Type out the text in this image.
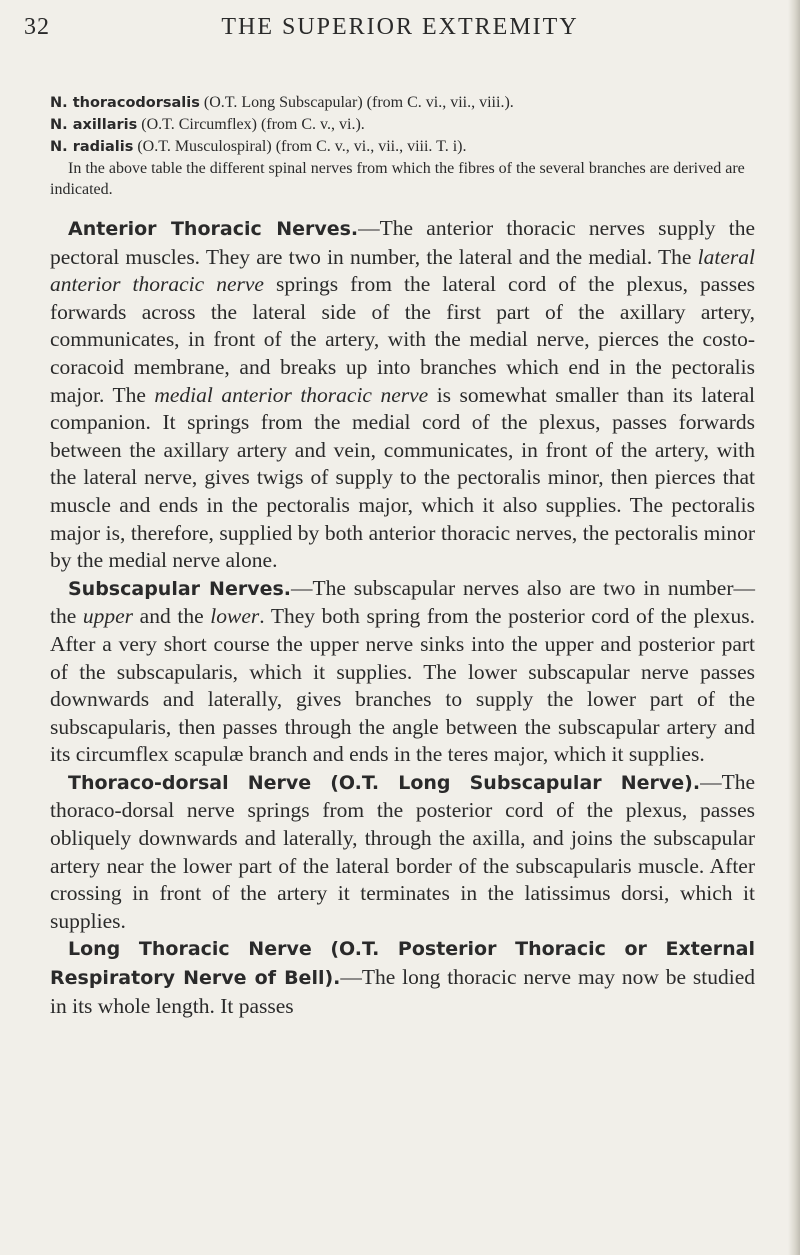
32	THE SUPERIOR EXTREMITY

N. thoracodorsalis (O.T. Long Subscapular) (from C. vi., vii., viii.).

N. axillaris (O.T. Circumflex) (from C. v., vi.).

N. radialis (O.T. Musculospiral) (from C. v., vi., vii., viii. T. i).

In the above table the different spinal nerves from which the fibres of the several branches are derived are indicated.

Anterior Thoracic Nerves.—The anterior thoracic nerves supply the pectoral muscles. They are two in number, the lateral and the medial. The lateral anterior thoracic nerve springs from the lateral cord of the plexus, passes forwards across the lateral side of the first part of the axillary artery, communicates, in front of the artery, with the medial nerve, pierces the costo-coracoid membrane, and breaks up into branches which end in the pectoralis major. The medial anterior thoracic nerve is somewhat smaller than its lateral companion. It springs from the medial cord of the plexus, passes forwards between the axillary artery and vein, communicates, in front of the artery, with the lateral nerve, gives twigs of supply to the pectoralis minor, then pierces that muscle and ends in the pectoralis major, which it also supplies. The pectoralis major is, therefore, supplied by both anterior thoracic nerves, the pectoralis minor by the medial nerve alone.

Subscapular Nerves.—The subscapular nerves also are two in number—the upper and the lower. They both spring from the posterior cord of the plexus. After a very short course the upper nerve sinks into the upper and posterior part of the subscapularis, which it supplies. The lower subscapular nerve passes downwards and laterally, gives branches to supply the lower part of the subscapularis, then passes through the angle between the subscapular artery and its circumflex scapulæ branch and ends in the teres major, which it supplies.

Thoraco-dorsal Nerve (O.T. Long Subscapular Nerve).—The thoraco-dorsal nerve springs from the posterior cord of the plexus, passes obliquely downwards and laterally, through the axilla, and joins the subscapular artery near the lower part of the lateral border of the subscapularis muscle. After crossing in front of the artery it terminates in the latissimus dorsi, which it supplies.

Long Thoracic Nerve (O.T. Posterior Thoracic or External Respiratory Nerve of Bell).—The long thoracic nerve may now be studied in its whole length. It passes
